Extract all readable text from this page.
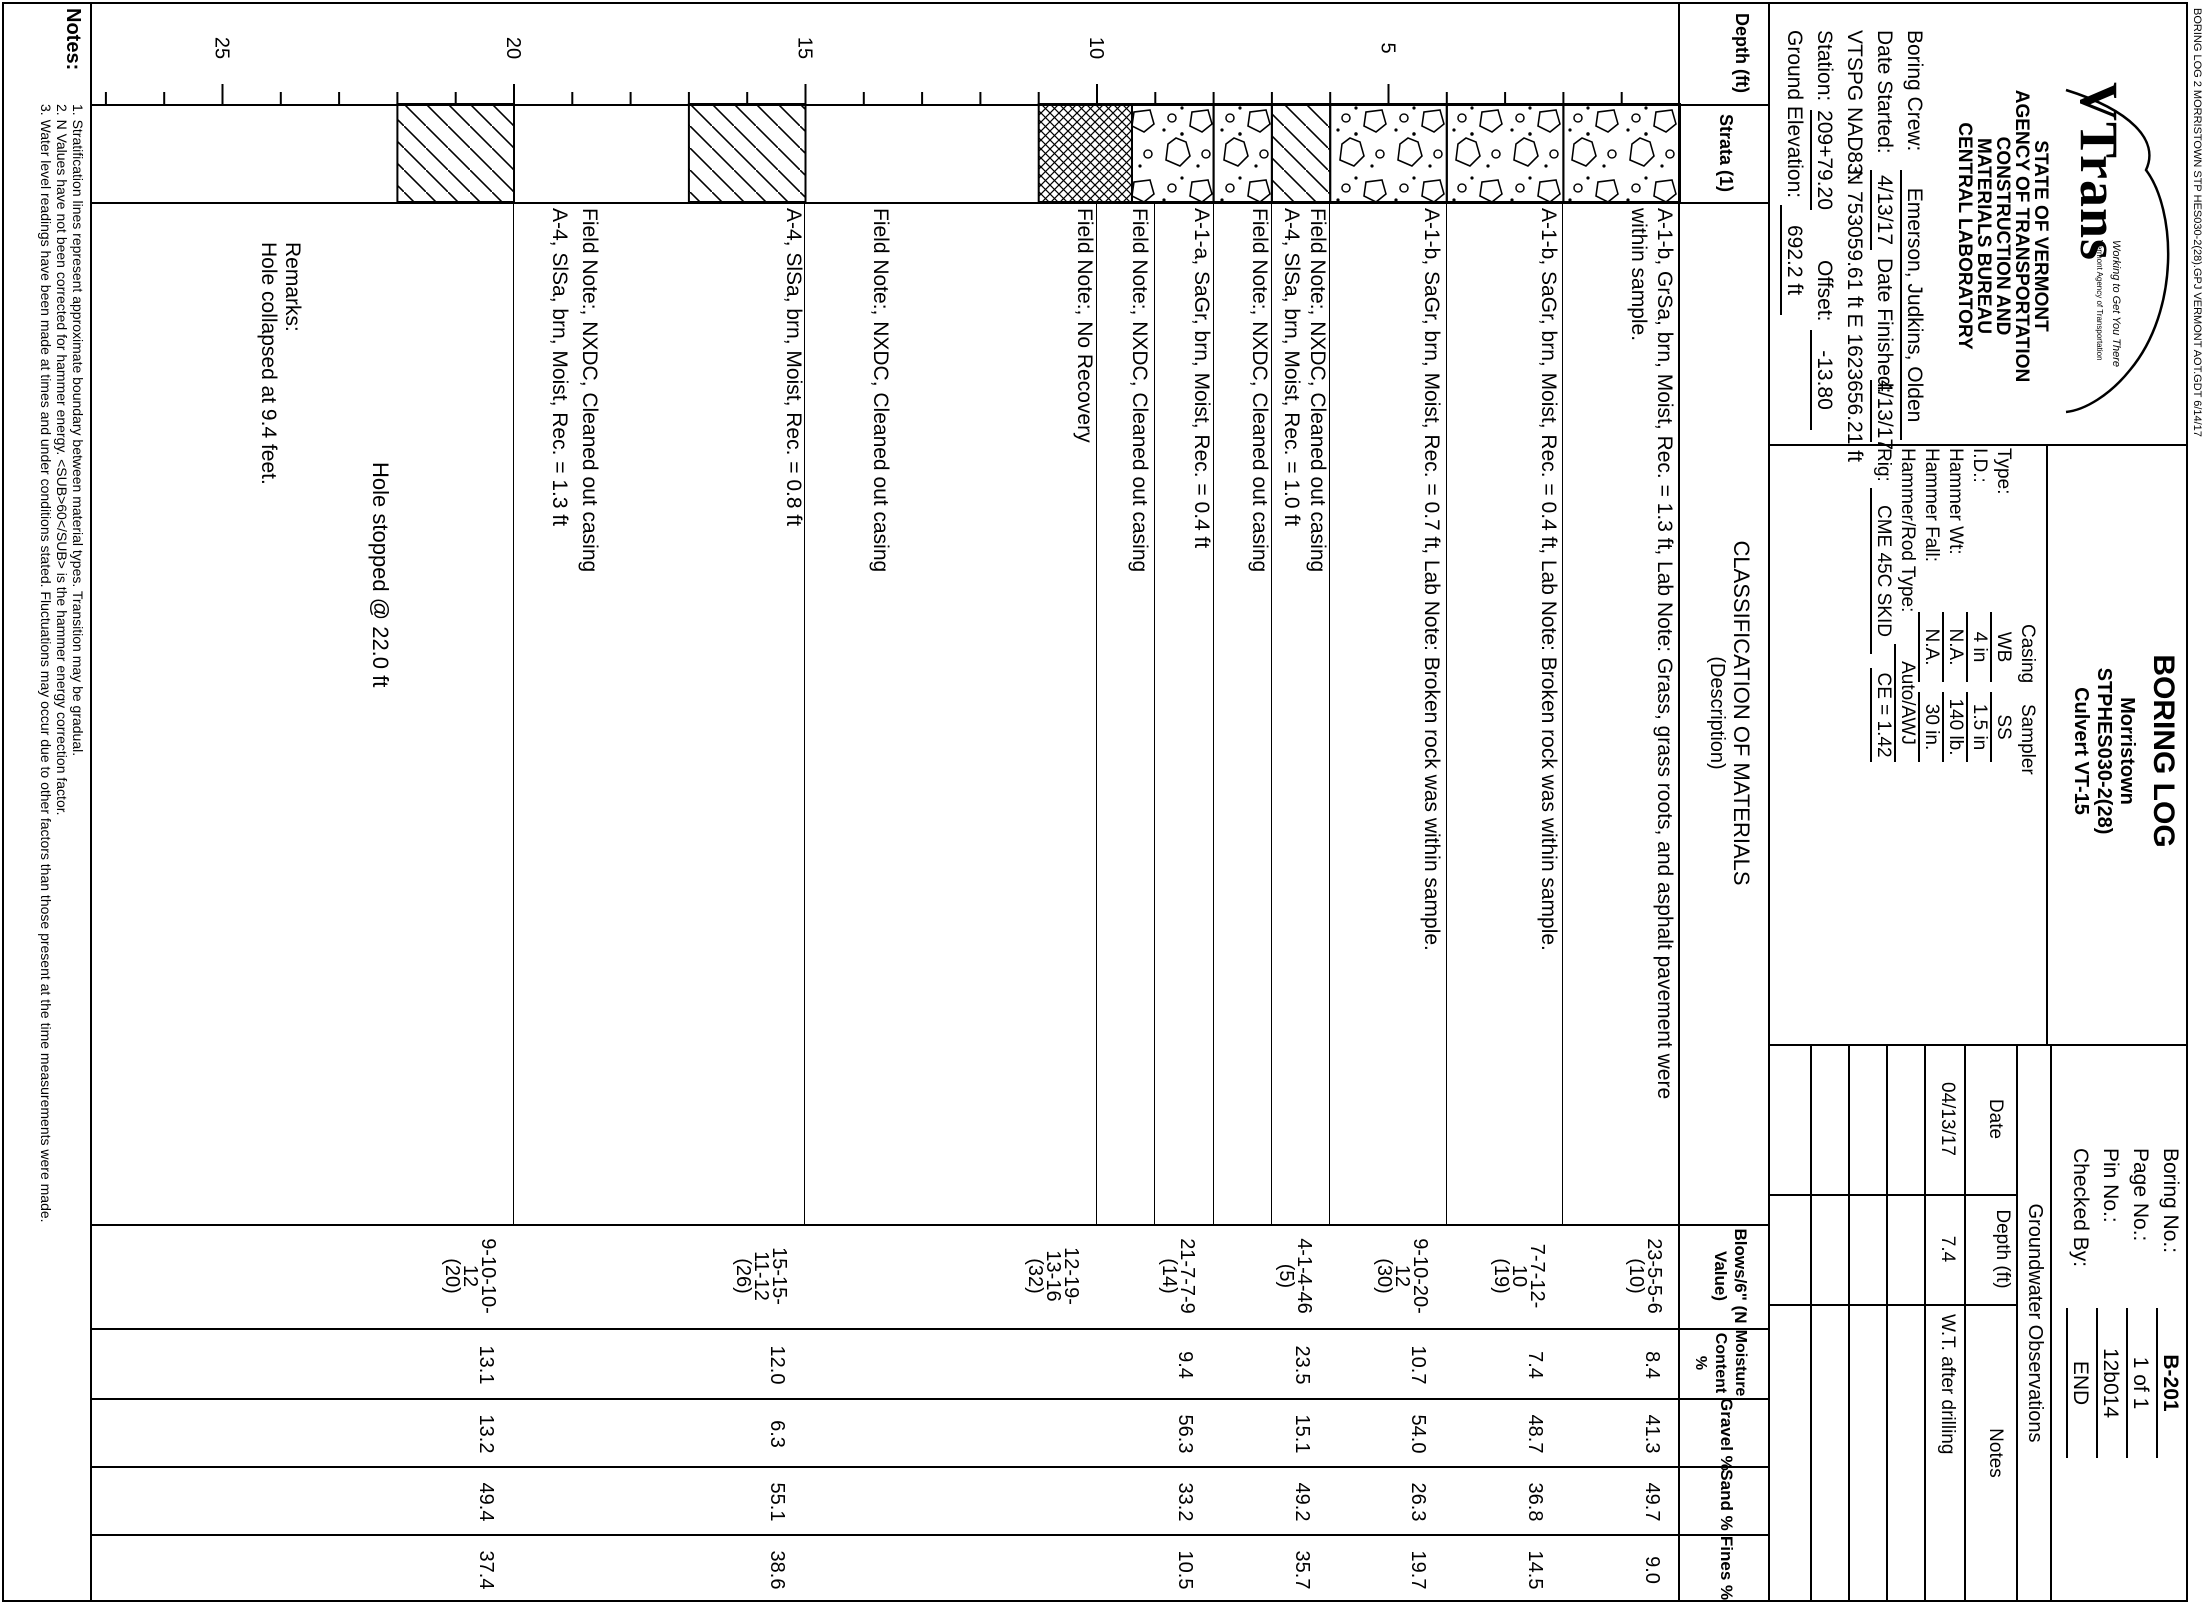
BORING LOG 2 MORRISTOWN STP HES030-2(28).GPJ VERMONT AOT.GDT 6/14/17
VTrans
Working to Get You There
Vermont Agency of Transportation
STATE OF VERMONT
AGENCY OF TRANSPORTATION
CONSTRUCTION AND
MATERIALS BUREAU
CENTRAL LABORATORY
Boring Crew:
Emerson, Judkins, Olden
Date Started:
4/13/17
Date Finished:
4/13/17
VTSPG NAD83:
N 753059.61 ft E 1623656.21 ft
Station:
209+79.20
Offset:
-13.80
Ground Elevation:
692.2 ft
BORING LOG
Morristown
STPHES030-2(28)
Culvert VT-15
Casing
Sampler
Type:
WB
SS
I.D.:
4 in
1.5 in
Hammer Wt:
N.A.
140 lb.
Hammer Fall:
N.A.
30 in.
Hammer/Rod Type:
Auto/AWJ
Rig:
CME 45C SKID
CE = 1.42
Boring No.:
B-201
Page No.:
1 of 1
Pin No.:
12b014
Checked By:
END
Groundwater Observations
Date
Depth (ft)
Notes
04/13/17
7.4
W.T. after drilling
Depth (ft)
Strata (1)
CLASSIFICATION OF MATERIALS
(Description)
Blows/6" (N Value)
Moisture Content %
Gravel %
Sand %
Fines %
5
10
15
20
25
A-1-b, GrSa, brn, Moist, Rec. = 1.3 ft, Lab Note: Grass, grass roots, and asphalt pavement were
within sample.
A-1-b, SaGr, brn, Moist, Rec. = 0.4 ft, Lab Note: Broken rock was within sample.
A-1-b, SaGr, brn, Moist, Rec. = 0.7 ft, Lab Note: Broken rock was within sample.
Field Note:, NXDC, Cleaned out casing
A-4, SlSa, brn, Moist, Rec. = 1.0 ft
Field Note:, NXDC, Cleaned out casing
A-1-a, SaGr, brn, Moist, Rec. = 0.4 ft
Field Note:, NXDC, Cleaned out casing
Field Note:, No Recovery
Field Note:, NXDC, Cleaned out casing
A-4, SlSa, brn, Moist, Rec. = 0.8 ft
Field Note:, NXDC, Cleaned out casing
A-4, SlSa, brn, Moist, Rec. = 1.3 ft
Hole stopped @ 22.0 ft
Remarks:
Hole collapsed at 9.4 feet.
23-5-5-6
(10)
8.4
41.3
49.7
9.0
7-7-12-
10
(19)
7.4
48.7
36.8
14.5
9-10-20-
12
(30)
10.7
54.0
26.3
19.7
4-1-4-46
(5)
23.5
15.1
49.2
35.7
21-7-7-9
(14)
9.4
56.3
33.2
10.5
12-19-
13-16
(32)
15-15-
11-12
(26)
12.0
6.3
55.1
38.6
9-10-10-
12
(20)
13.1
13.2
49.4
37.4
Notes:
1. Stratification lines represent approximate boundary between material types. Transition may be gradual.
2. N Values have not been corrected for hammer energy. <SUB>60</SUB> is the hammer energy correction factor.
3. Water level readings have been made at times and under conditions stated. Fluctuations may occur due to other factors than those present at the time measurements were made.
